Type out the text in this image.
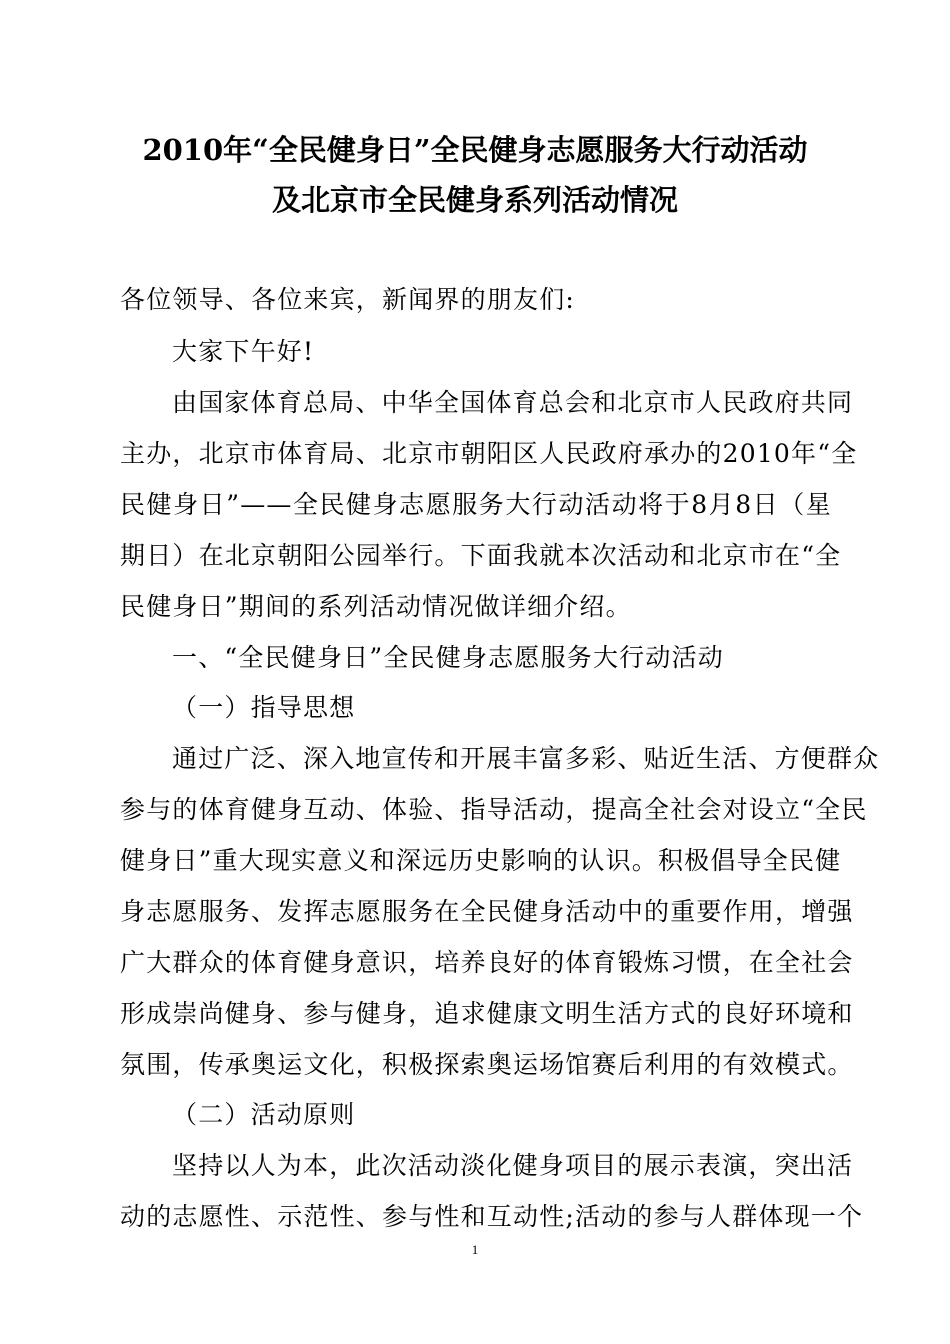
2010年“全民健身日”全民健身志愿服务大行动活动
及北京市全民健身系列活动情况
各位领导、各位来宾，新闻界的朋友们:
大家下午好!
由国家体育总局、中华全国体育总会和北京市人民政府共同
主办，北京市体育局、北京市朝阳区人民政府承办的2010年“全
民健身日”——全民健身志愿服务大行动活动将于8月8日（星
期日）在北京朝阳公园举行。下面我就本次活动和北京市在“全
民健身日”期间的系列活动情况做详细介绍。
一、“全民健身日”全民健身志愿服务大行动活动
（一）指导思想
通过广泛、深入地宣传和开展丰富多彩、贴近生活、方便群众
参与的体育健身互动、体验、指导活动，提高全社会对设立“全民
健身日”重大现实意义和深远历史影响的认识。积极倡导全民健
身志愿服务、发挥志愿服务在全民健身活动中的重要作用，增强
广大群众的体育健身意识，培养良好的体育锻炼习惯，在全社会
形成崇尚健身、参与健身，追求健康文明生活方式的良好环境和
氛围，传承奥运文化，积极探索奥运场馆赛后利用的有效模式。
（二）活动原则
坚持以人为本，此次活动淡化健身项目的展示表演，突出活
动的志愿性、示范性、参与性和互动性;活动的参与人群体现一个
1
